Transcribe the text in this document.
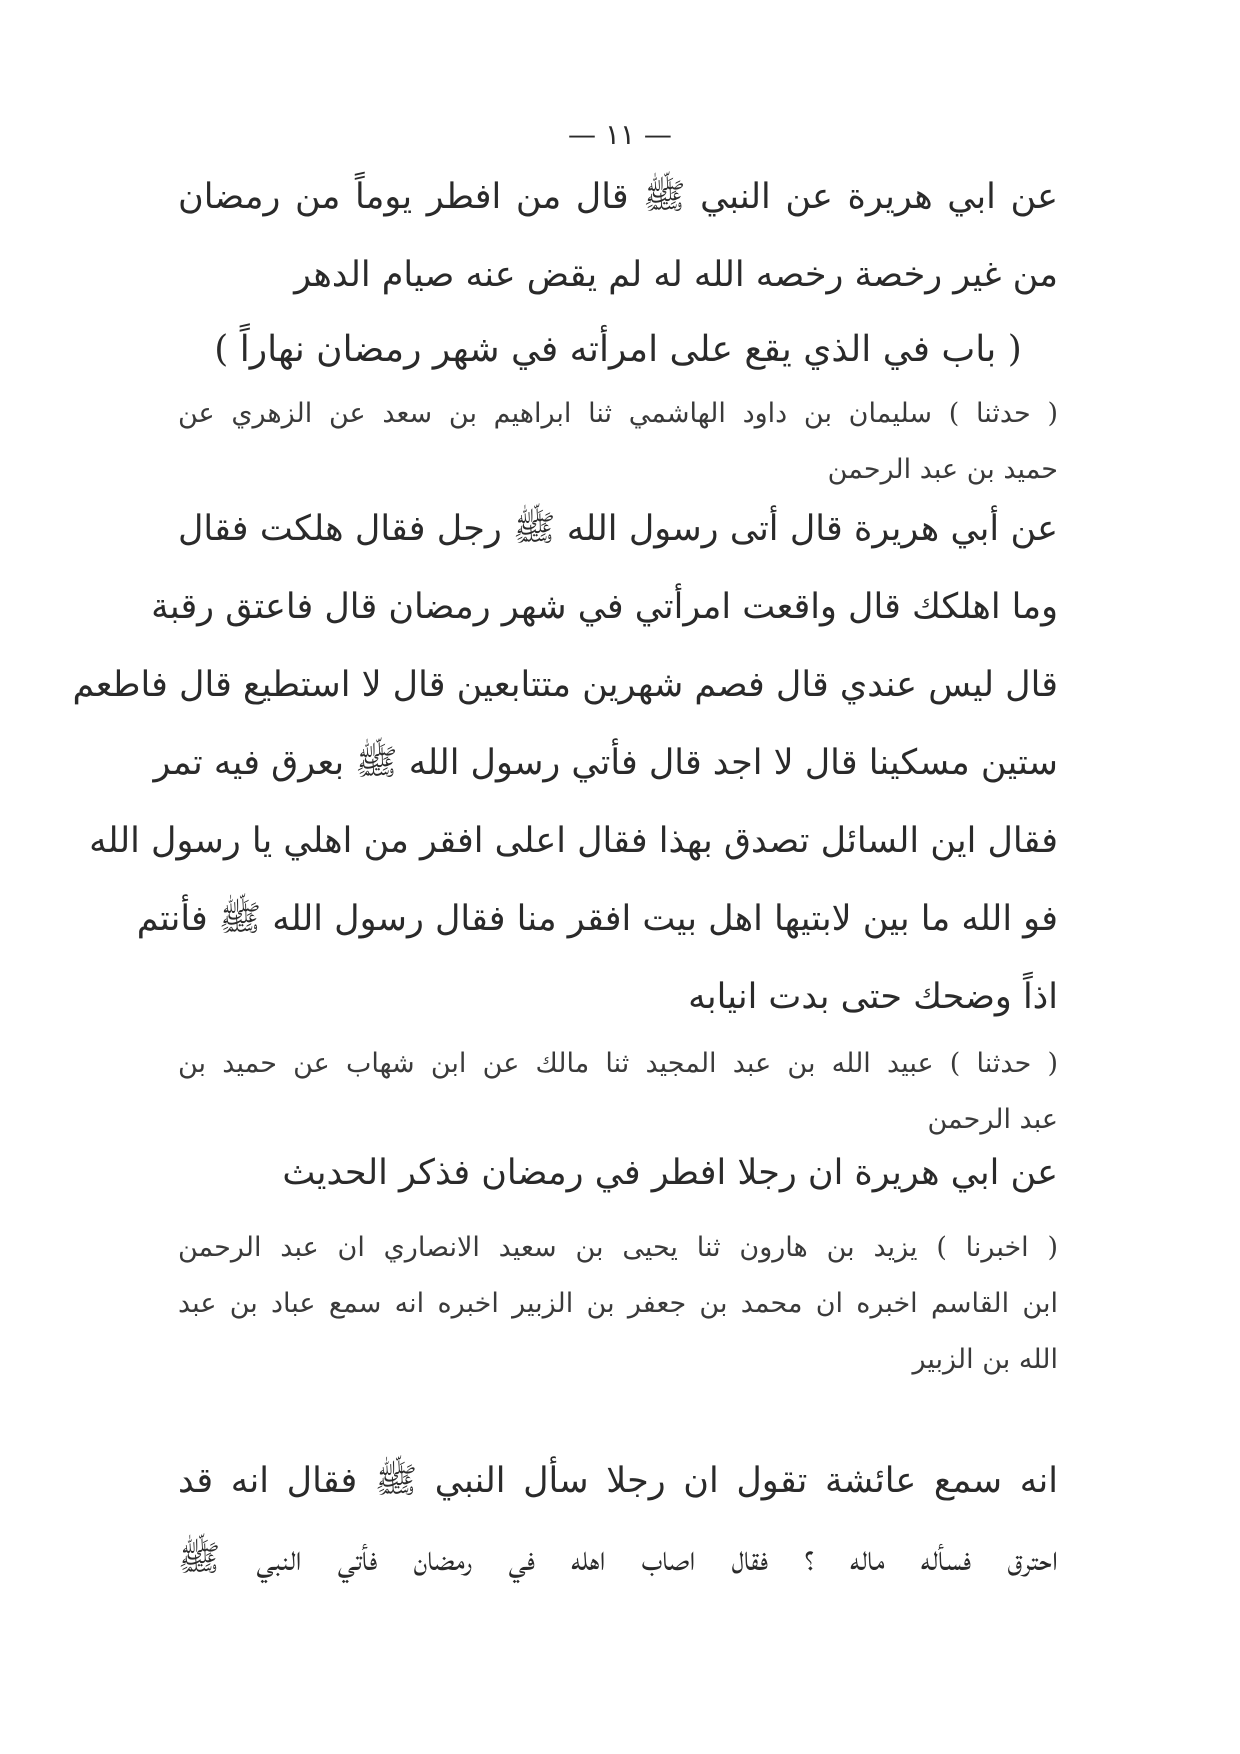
— ١١ —
عن ابي هريرة عن النبي ﷺ قال من افطر يوماً من رمضان
من غير رخصة رخصه الله له لم يقض عنه صيام الدهر
( باب في الذي يقع على امرأته في شهر رمضان نهاراً )
( حدثنا ) سليمان بن داود الهاشمي ثنا ابراهيم بن سعد عن الزهري عن
حميد بن عبد الرحمن
عن أبي هريرة قال أتى رسول الله ﷺ رجل فقال هلكت فقال
وما اهلكك قال واقعت امرأتي في شهر رمضان قال فاعتق رقبة
قال ليس عندي قال فصم شهرين متتابعين قال لا استطيع قال فاطعم
ستين مسكينا قال لا اجد قال فأتي رسول الله ﷺ بعرق فيه تمر
فقال اين السائل تصدق بهذا فقال اعلى افقر من اهلي يا رسول الله
فو الله ما بين لابتيها اهل بيت افقر منا فقال رسول الله ﷺ فأنتم
اذاً وضحك حتى بدت انيابه
( حدثنا ) عبيد الله بن عبد المجيد ثنا مالك عن ابن شهاب عن حميد بن
عبد الرحمن
عن ابي هريرة ان رجلا افطر في رمضان فذكر الحديث
( اخبرنا ) يزيد بن هارون ثنا يحيى بن سعيد الانصاري ان عبد الرحمن
ابن القاسم اخبره ان محمد بن جعفر بن الزبير اخبره انه سمع عباد بن عبد
الله بن الزبير
انه سمع عائشة تقول ان رجلا سأل النبي ﷺ فقال انه قد
احترق فسأله ماله ؟ فقال اصاب اهله في رمضان فأتي النبي ﷺ
